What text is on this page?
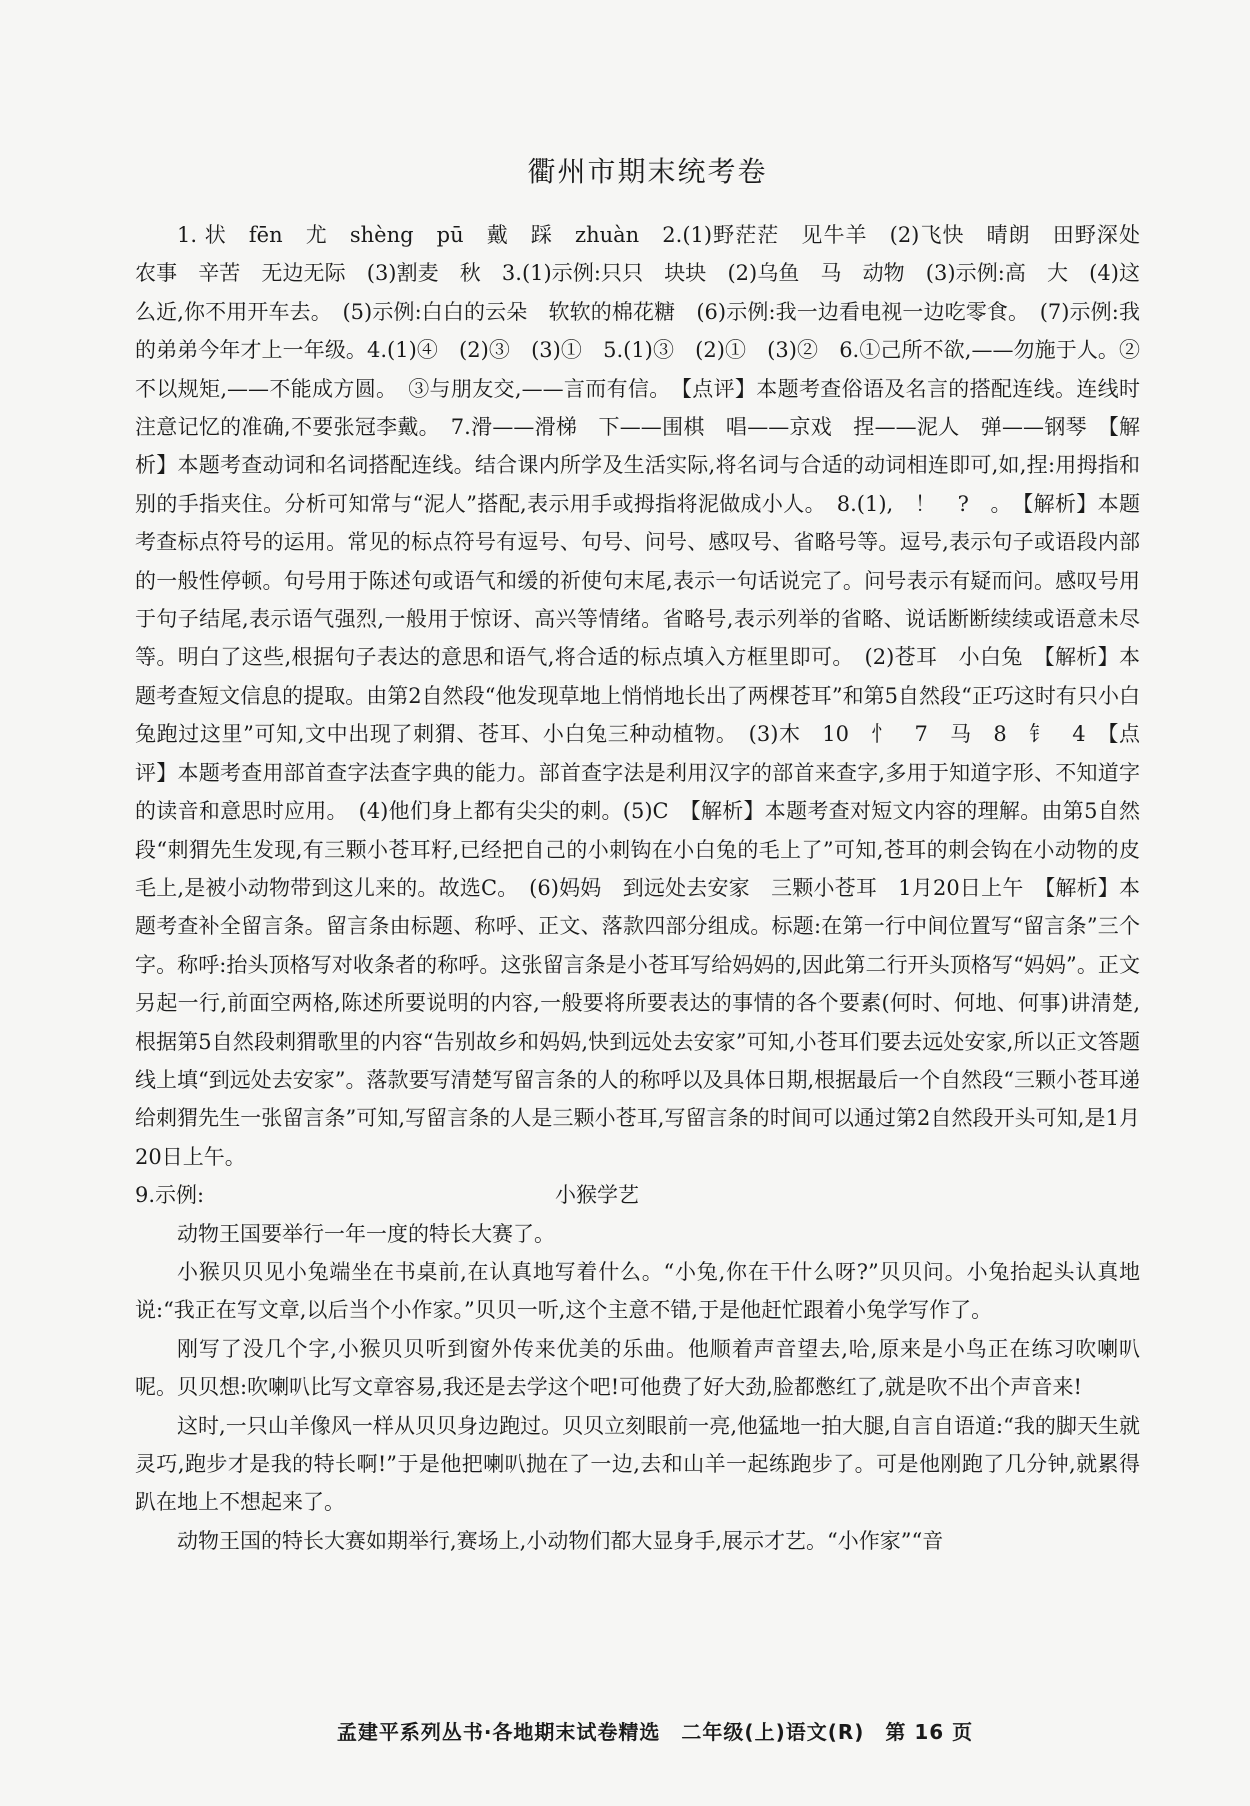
衢州市期末统考卷

1. 状　fēn　尤　shèng　pū　戴　踩　zhuàn　2.(1)野茫茫　见牛羊　(2)飞快　晴朗　田野深处　农事　辛苦　无边无际　(3)割麦　秋　3.(1)示例:只只　块块　(2)乌鱼　马　动物　(3)示例:高　大　(4)这么近,你不用开车去。　(5)示例:白白的云朵　软软的棉花糖　(6)示例:我一边看电视一边吃零食。　(7)示例:我的弟弟今年才上一年级。4.(1)④　(2)③　(3)①　5.(1)③　(2)①　(3)②　6.①己所不欲,——勿施于人。②不以规矩,——不能成方圆。　③与朋友交,——言而有信。　【点评】本题考查俗语及名言的搭配连线。连线时注意记忆的准确,不要张冠李戴。　7.滑——滑梯　下——围棋　唱——京戏　捏——泥人　弹——钢琴　【解析】本题考查动词和名词搭配连线。结合课内所学及生活实际,将名词与合适的动词相连即可,如,捏:用拇指和别的手指夹住。分析可知常与“泥人”搭配,表示用手或拇指将泥做成小人。　8.(1),　！　?　。　【解析】本题考查标点符号的运用。常见的标点符号有逗号、句号、问号、感叹号、省略号等。逗号,表示句子或语段内部的一般性停顿。句号用于陈述句或语气和缓的祈使句末尾,表示一句话说完了。问号表示有疑而问。感叹号用于句子结尾,表示语气强烈,一般用于惊讶、高兴等情绪。省略号,表示列举的省略、说话断断续续或语意未尽等。明白了这些,根据句子表达的意思和语气,将合适的标点填入方框里即可。　(2)苍耳　小白兔　【解析】本题考查短文信息的提取。由第2自然段“他发现草地上悄悄地长出了两棵苍耳”和第5自然段“正巧这时有只小白兔跑过这里”可知,文中出现了刺猬、苍耳、小白兔三种动植物。　(3)木　10　忄　7　马　8　钅　4　【点评】本题考查用部首查字法查字典的能力。部首查字法是利用汉字的部首来查字,多用于知道字形、不知道字的读音和意思时应用。　(4)他们身上都有尖尖的刺。(5)C　【解析】本题考查对短文内容的理解。由第5自然段“刺猬先生发现,有三颗小苍耳籽,已经把自己的小刺钩在小白兔的毛上了”可知,苍耳的刺会钩在小动物的皮毛上,是被小动物带到这儿来的。故选C。　(6)妈妈　到远处去安家　三颗小苍耳　1月20日上午　【解析】本题考查补全留言条。留言条由标题、称呼、正文、落款四部分组成。标题:在第一行中间位置写“留言条”三个字。称呼:抬头顶格写对收条者的称呼。这张留言条是小苍耳写给妈妈的,因此第二行开头顶格写“妈妈”。正文另起一行,前面空两格,陈述所要说明的内容,一般要将所要表达的事情的各个要素(何时、何地、何事)讲清楚,根据第5自然段刺猬歌里的内容“告别故乡和妈妈,快到远处去安家”可知,小苍耳们要去远处安家,所以正文答题线上填“到远处去安家”。落款要写清楚写留言条的人的称呼以及具体日期,根据最后一个自然段“三颗小苍耳递给刺猬先生一张留言条”可知,写留言条的人是三颗小苍耳,写留言条的时间可以通过第2自然段开头可知,是1月20日上午。

9.示例:	小猴学艺

动物王国要举行一年一度的特长大赛了。

小猴贝贝见小兔端坐在书桌前,在认真地写着什么。“小兔,你在干什么呀?”贝贝问。小兔抬起头认真地说:“我正在写文章,以后当个小作家。”贝贝一听,这个主意不错,于是他赶忙跟着小兔学写作了。

刚写了没几个字,小猴贝贝听到窗外传来优美的乐曲。他顺着声音望去,哈,原来是小鸟正在练习吹喇叭呢。贝贝想:吹喇叭比写文章容易,我还是去学这个吧!可他费了好大劲,脸都憋红了,就是吹不出个声音来!

这时,一只山羊像风一样从贝贝身边跑过。贝贝立刻眼前一亮,他猛地一拍大腿,自言自语道:“我的脚天生就灵巧,跑步才是我的特长啊!”于是他把喇叭抛在了一边,去和山羊一起练跑步了。可是他刚跑了几分钟,就累得趴在地上不想起来了。

动物王国的特长大赛如期举行,赛场上,小动物们都大显身手,展示才艺。“小作家”“音

孟建平系列丛书·各地期末试卷精选　二年级(上)语文(R)　第 16 页
